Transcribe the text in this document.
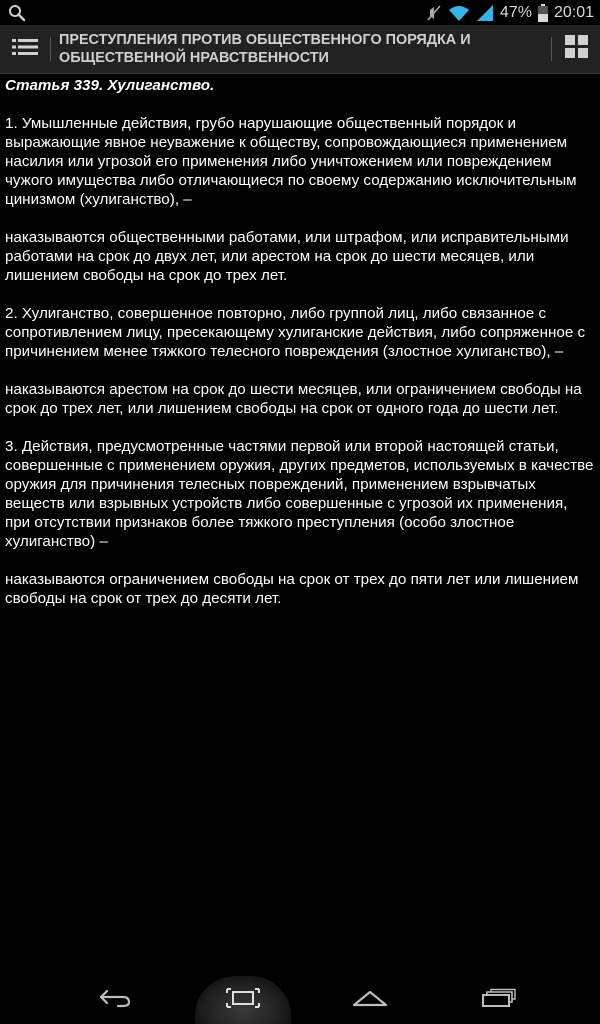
47% 20:01
ПРЕСТУПЛЕНИЯ ПРОТИВ ОБЩЕСТВЕННОГО ПОРЯДКА И ОБЩЕСТВЕННОЙ НРАВСТВЕННОСТИ
Статья 339. Хулиганство.
1. Умышленные действия, грубо нарушающие общественный порядок и выражающие явное неуважение к обществу, сопровождающиеся применением насилия или угрозой его применения либо уничтожением или повреждением чужого имущества либо отличающиеся по своему содержанию исключительным цинизмом (хулиганство), –
наказываются общественными работами, или штрафом, или исправительными работами на срок до двух лет, или арестом на срок до шести месяцев, или лишением свободы на срок до трех лет.
2. Хулиганство, совершенное повторно, либо группой лиц, либо связанное с сопротивлением лицу, пресекающему хулиганские действия, либо сопряженное с причинением менее тяжкого телесного повреждения (злостное хулиганство), –
наказываются арестом на срок до шести месяцев, или ограничением свободы на срок до трех лет, или лишением свободы на срок от одного года до шести лет.
3. Действия, предусмотренные частями первой или второй настоящей статьи, совершенные с применением оружия, других предметов, используемых в качестве оружия для причинения телесных повреждений, применением взрывчатых веществ или взрывных устройств либо совершенные с угрозой их применения, при отсутствии признаков более тяжкого преступления (особо злостное хулиганство) –
наказываются ограничением свободы на срок от трех до пяти лет или лишением свободы на срок от трех до десяти лет.
